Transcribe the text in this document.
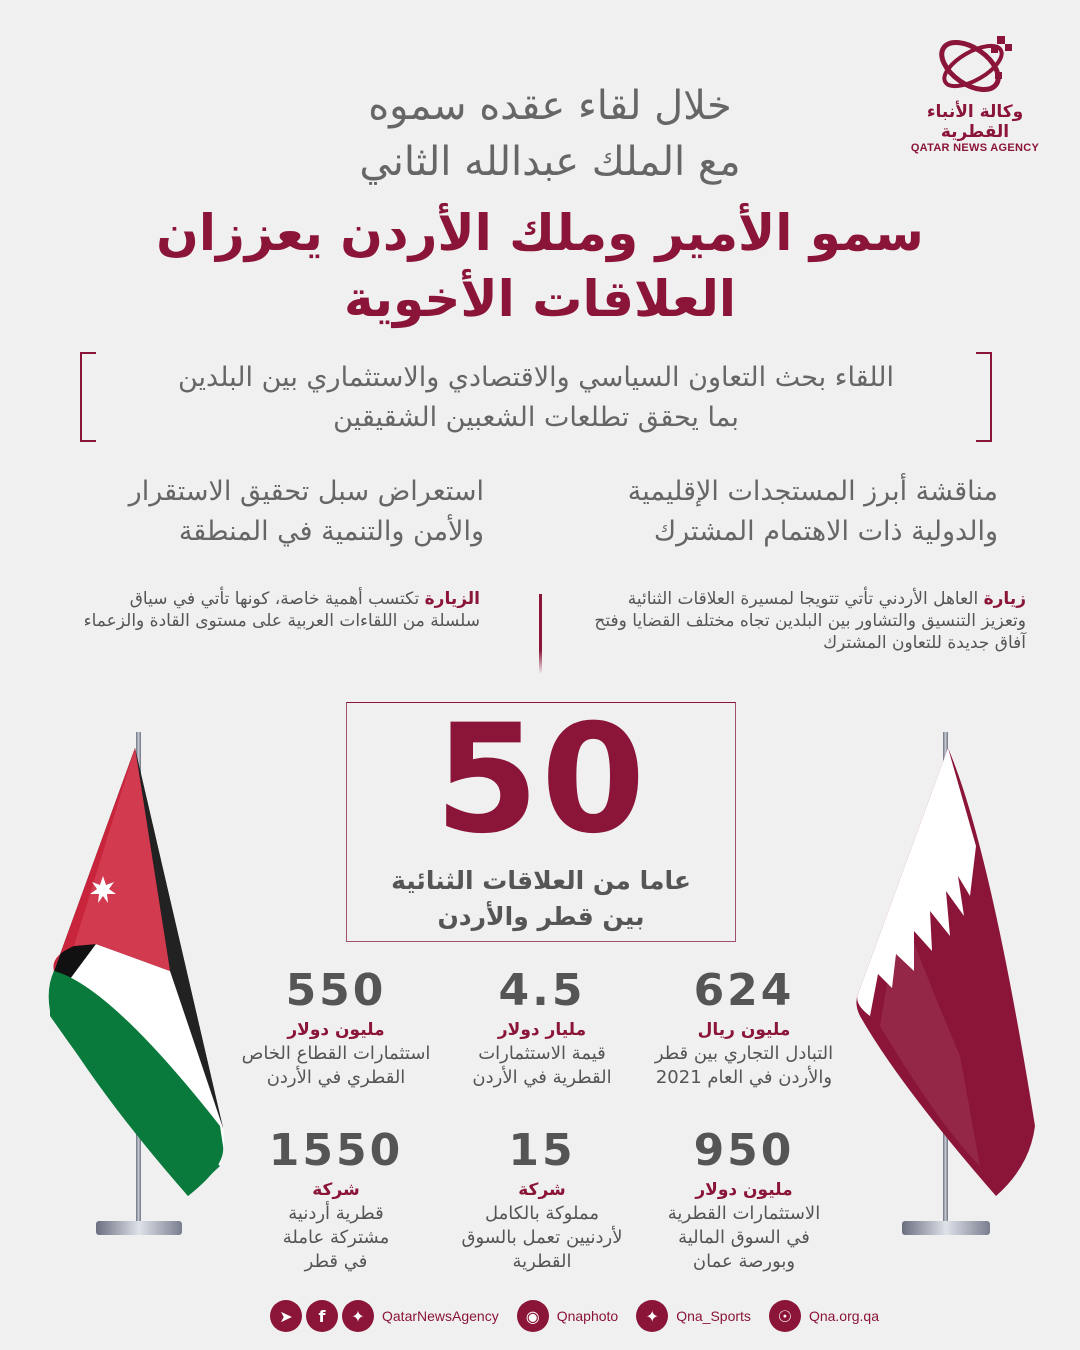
وكالة الأنباء القطرية
QATAR NEWS AGENCY
خلال لقاء عقده سموه
مع الملك عبدالله الثاني
سمو الأمير وملك الأردن يعززان
العلاقات الأخوية
اللقاء بحث التعاون السياسي والاقتصادي والاستثماري بين البلدين
بما يحقق تطلعات الشعبين الشقيقين
مناقشة أبرز المستجدات الإقليمية
والدولية ذات الاهتمام المشترك
استعراض سبل تحقيق الاستقرار
والأمن والتنمية في المنطقة
زيارة العاهل الأردني تأتي تتويجا لمسيرة العلاقات الثنائية وتعزيز التنسيق والتشاور بين البلدين تجاه مختلف القضايا وفتح آفاق جديدة للتعاون المشترك
الزيارة تكتسب أهمية خاصة، كونها تأتي في سياق سلسلة من اللقاءات العربية على مستوى القادة والزعماء
50
عاما من العلاقات الثنائية
بين قطر والأردن
624
مليون ريال
التبادل التجاري بين قطر
والأردن في العام 2021
4.5
مليار دولار
قيمة الاستثمارات
القطرية في الأردن
550
مليون دولار
استثمارات القطاع الخاص
القطري في الأردن
950
مليون دولار
الاستثمارات القطرية
في السوق المالية
وبورصة عمان
15
شركة
مملوكة بالكامل
لأردنيين تعمل بالسوق
القطرية
1550
شركة
قطرية أردنية
مشتركة عاملة
في قطر
➤	f	✦	QatarNewsAgency	◉	Qnaphoto	✦	Qna_Sports	☉	Qna.org.qa
